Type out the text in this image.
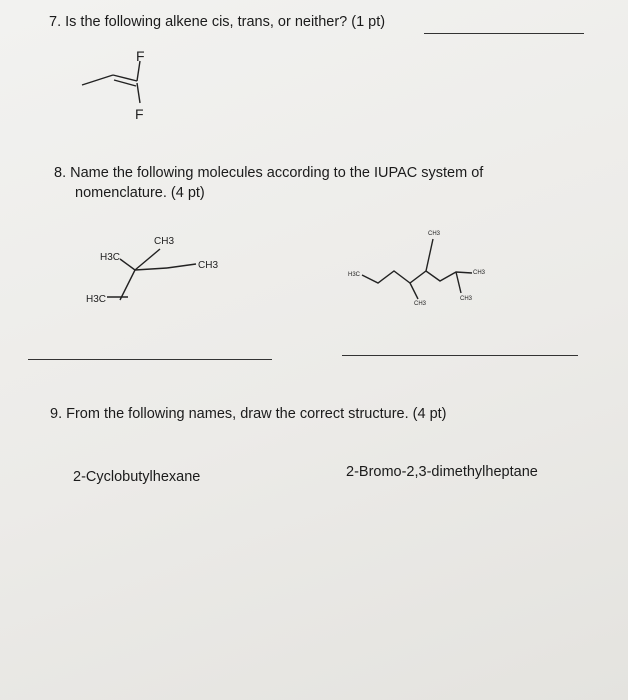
7. Is the following alkene cis, trans, or neither? (1 pt)
F
F
8. Name the following molecules according to the IUPAC system of
nomenclature. (4 pt)
CH3
H3C
CH3
H3C
CH3
H3C
CH3
CH3
CH3
9. From the following names, draw the correct structure. (4 pt)
2-Cyclobutylhexane	2-Bromo-2,3-dimethylheptane
